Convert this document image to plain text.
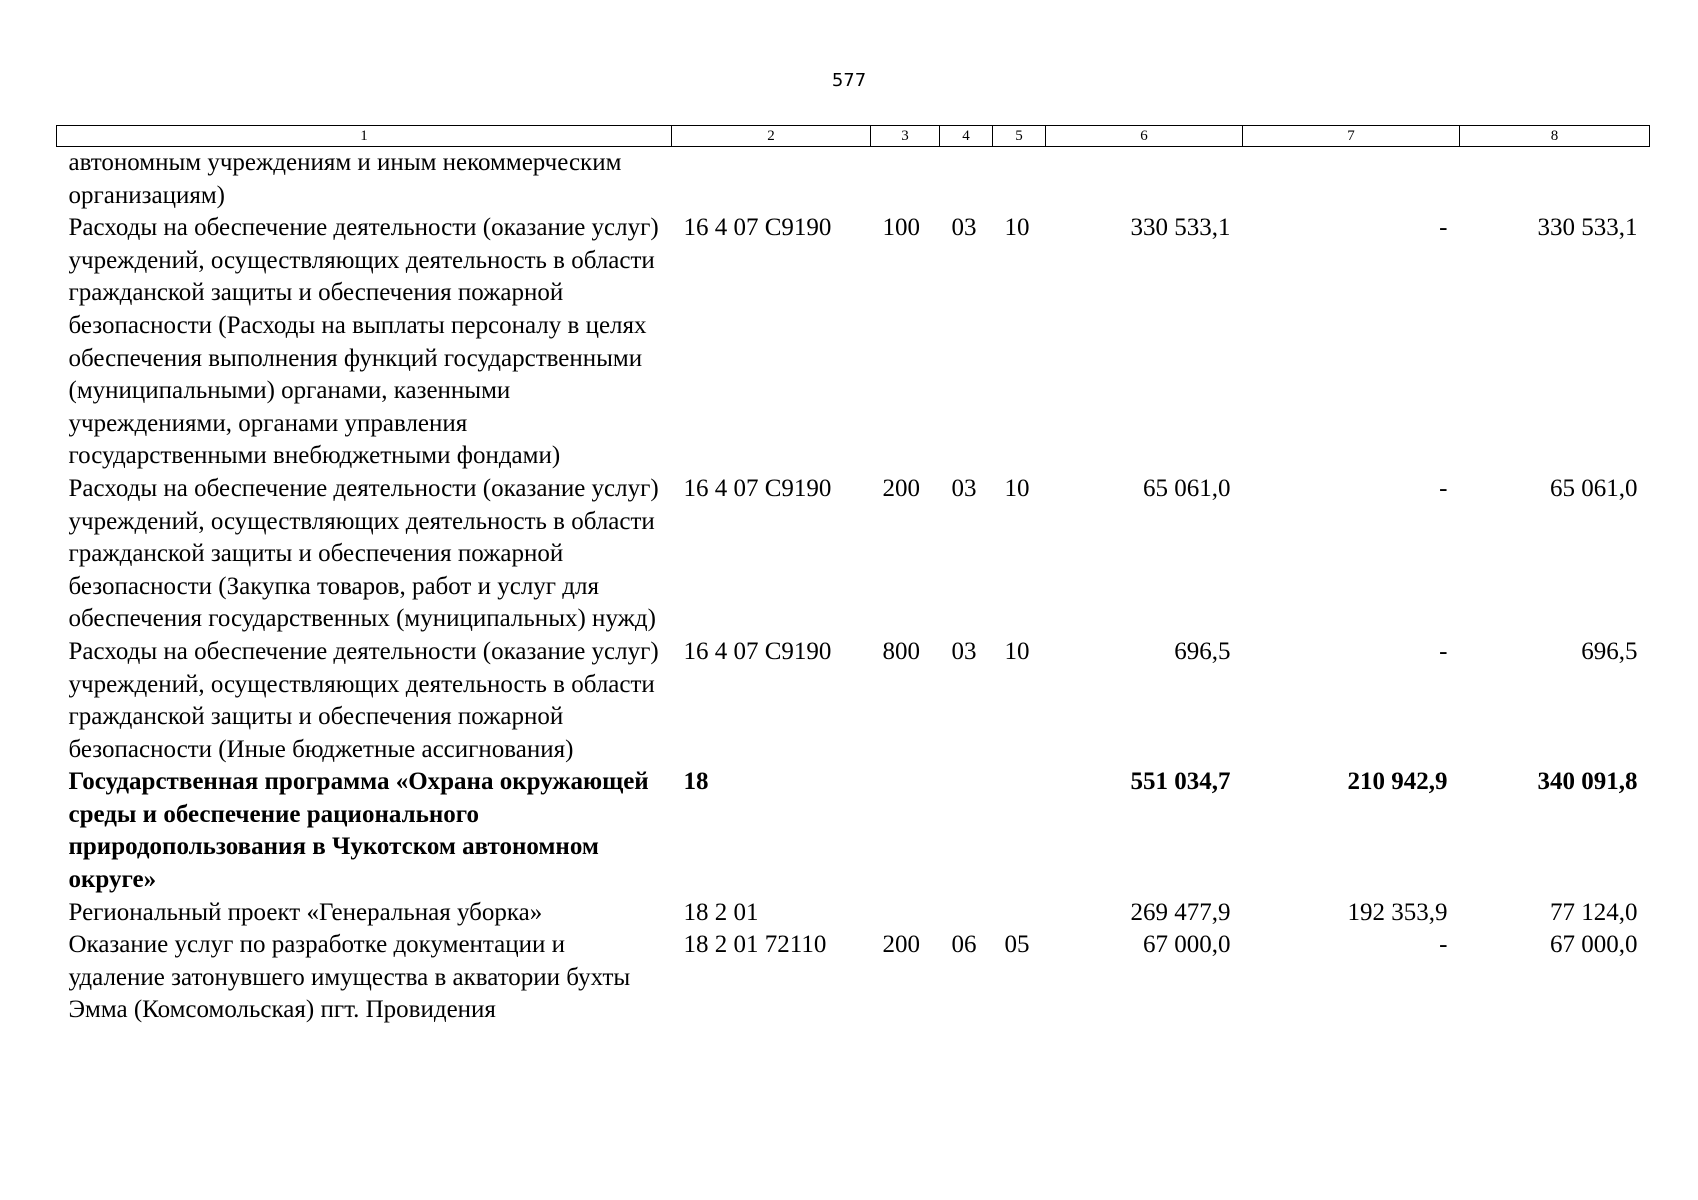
577
1	2	3	4	5	6	7	8
автономным учреждениям и иным некоммерческим организациям)							
Расходы на обеспечение деятельности (оказание услуг) учреждений, осуществляющих деятельность в области гражданской защиты и обеспечения пожарной безопасности (Расходы на выплаты персоналу в целях обеспечения выполнения функций государственными (муниципальными) органами, казенными учреждениями, органами управления государственными внебюджетными фондами)	16 4 07 С9190	100	03	10	330 533,1	-	330 533,1
Расходы на обеспечение деятельности (оказание услуг) учреждений, осуществляющих деятельность в области гражданской защиты и обеспечения пожарной безопасности (Закупка товаров, работ и услуг для обеспечения государственных (муниципальных) нужд)	16 4 07 С9190	200	03	10	65 061,0	-	65 061,0
Расходы на обеспечение деятельности (оказание услуг) учреждений, осуществляющих деятельность в области гражданской защиты и обеспечения пожарной безопасности (Иные бюджетные ассигнования)	16 4 07 С9190	800	03	10	696,5	-	696,5
Государственная программа «Охрана окружающей среды и обеспечение рационального природопользования в Чукотском автономном округе»	18				551 034,7	210 942,9	340 091,8
Региональный проект «Генеральная уборка»	18 2 01				269 477,9	192 353,9	77 124,0
Оказание услуг по разработке документации и удаление затонувшего имущества в акватории бухты Эмма (Комсомольская) пгт. Провидения	18 2 01 72110	200	06	05	67 000,0	-	67 000,0
